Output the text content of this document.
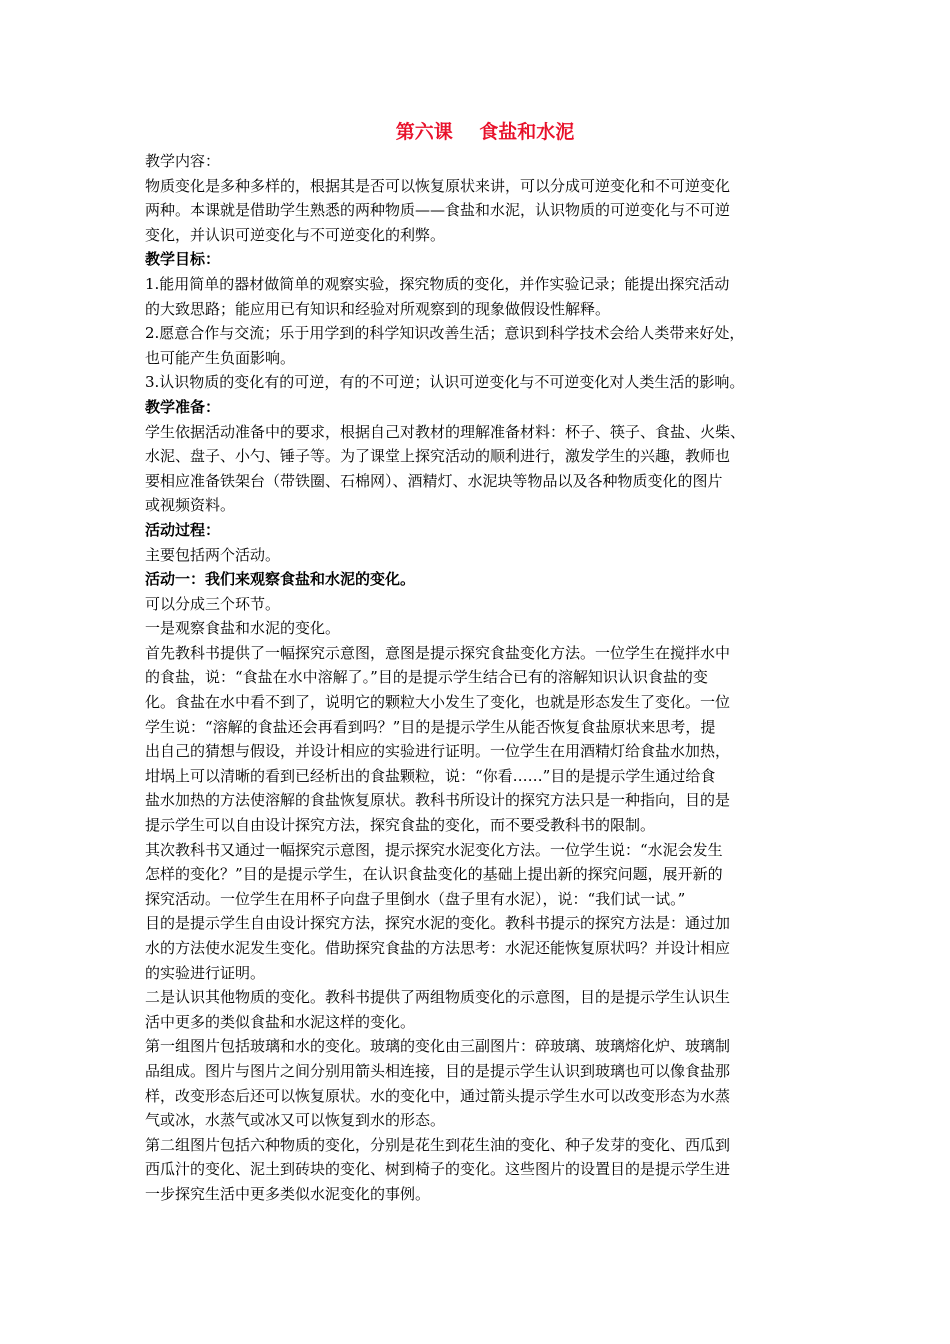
第六课    食盐和水泥
教学内容：
物质变化是多种多样的，根据其是否可以恢复原状来讲，可以分成可逆变化和不可逆变化
两种。本课就是借助学生熟悉的两种物质——食盐和水泥，认识物质的可逆变化与不可逆
变化，并认识可逆变化与不可逆变化的利弊。
教学目标：
1.能用简单的器材做简单的观察实验，探究物质的变化，并作实验记录；能提出探究活动
的大致思路；能应用已有知识和经验对所观察到的现象做假设性解释。
2.愿意合作与交流；乐于用学到的科学知识改善生活；意识到科学技术会给人类带来好处，
也可能产生负面影响。
3.认识物质的变化有的可逆，有的不可逆；认识可逆变化与不可逆变化对人类生活的影响。
教学准备：
学生依据活动准备中的要求，根据自己对教材的理解准备材料：杯子、筷子、食盐、火柴、
水泥、盘子、小勺、锤子等。为了课堂上探究活动的顺利进行，激发学生的兴趣，教师也
要相应准备铁架台（带铁圈、石棉网）、酒精灯、水泥块等物品以及各种物质变化的图片
或视频资料。
活动过程：
主要包括两个活动。
活动一：我们来观察食盐和水泥的变化。
可以分成三个环节。
一是观察食盐和水泥的变化。
首先教科书提供了一幅探究示意图，意图是提示探究食盐变化方法。一位学生在搅拌水中
的食盐，说：“食盐在水中溶解了。”目的是提示学生结合已有的溶解知识认识食盐的变
化。食盐在水中看不到了，说明它的颗粒大小发生了变化，也就是形态发生了变化。一位
学生说：“溶解的食盐还会再看到吗？”目的是提示学生从能否恢复食盐原状来思考，提
出自己的猜想与假设，并设计相应的实验进行证明。一位学生在用酒精灯给食盐水加热，
坩埚上可以清晰的看到已经析出的食盐颗粒，说：“你看……”目的是提示学生通过给食
盐水加热的方法使溶解的食盐恢复原状。教科书所设计的探究方法只是一种指向，目的是
提示学生可以自由设计探究方法，探究食盐的变化，而不要受教科书的限制。
其次教科书又通过一幅探究示意图，提示探究水泥变化方法。一位学生说：“水泥会发生
怎样的变化？”目的是提示学生，在认识食盐变化的基础上提出新的探究问题，展开新的
探究活动。一位学生在用杯子向盘子里倒水（盘子里有水泥），说：“我们试一试。”
目的是提示学生自由设计探究方法，探究水泥的变化。教科书提示的探究方法是：通过加
水的方法使水泥发生变化。借助探究食盐的方法思考：水泥还能恢复原状吗？并设计相应
的实验进行证明。
二是认识其他物质的变化。教科书提供了两组物质变化的示意图，目的是提示学生认识生
活中更多的类似食盐和水泥这样的变化。
第一组图片包括玻璃和水的变化。玻璃的变化由三副图片：碎玻璃、玻璃熔化炉、玻璃制
品组成。图片与图片之间分别用箭头相连接，目的是提示学生认识到玻璃也可以像食盐那
样，改变形态后还可以恢复原状。水的变化中，通过箭头提示学生水可以改变形态为水蒸
气或冰，水蒸气或冰又可以恢复到水的形态。
第二组图片包括六种物质的变化，分别是花生到花生油的变化、种子发芽的变化、西瓜到
西瓜汁的变化、泥土到砖块的变化、树到椅子的变化。这些图片的设置目的是提示学生进
一步探究生活中更多类似水泥变化的事例。
